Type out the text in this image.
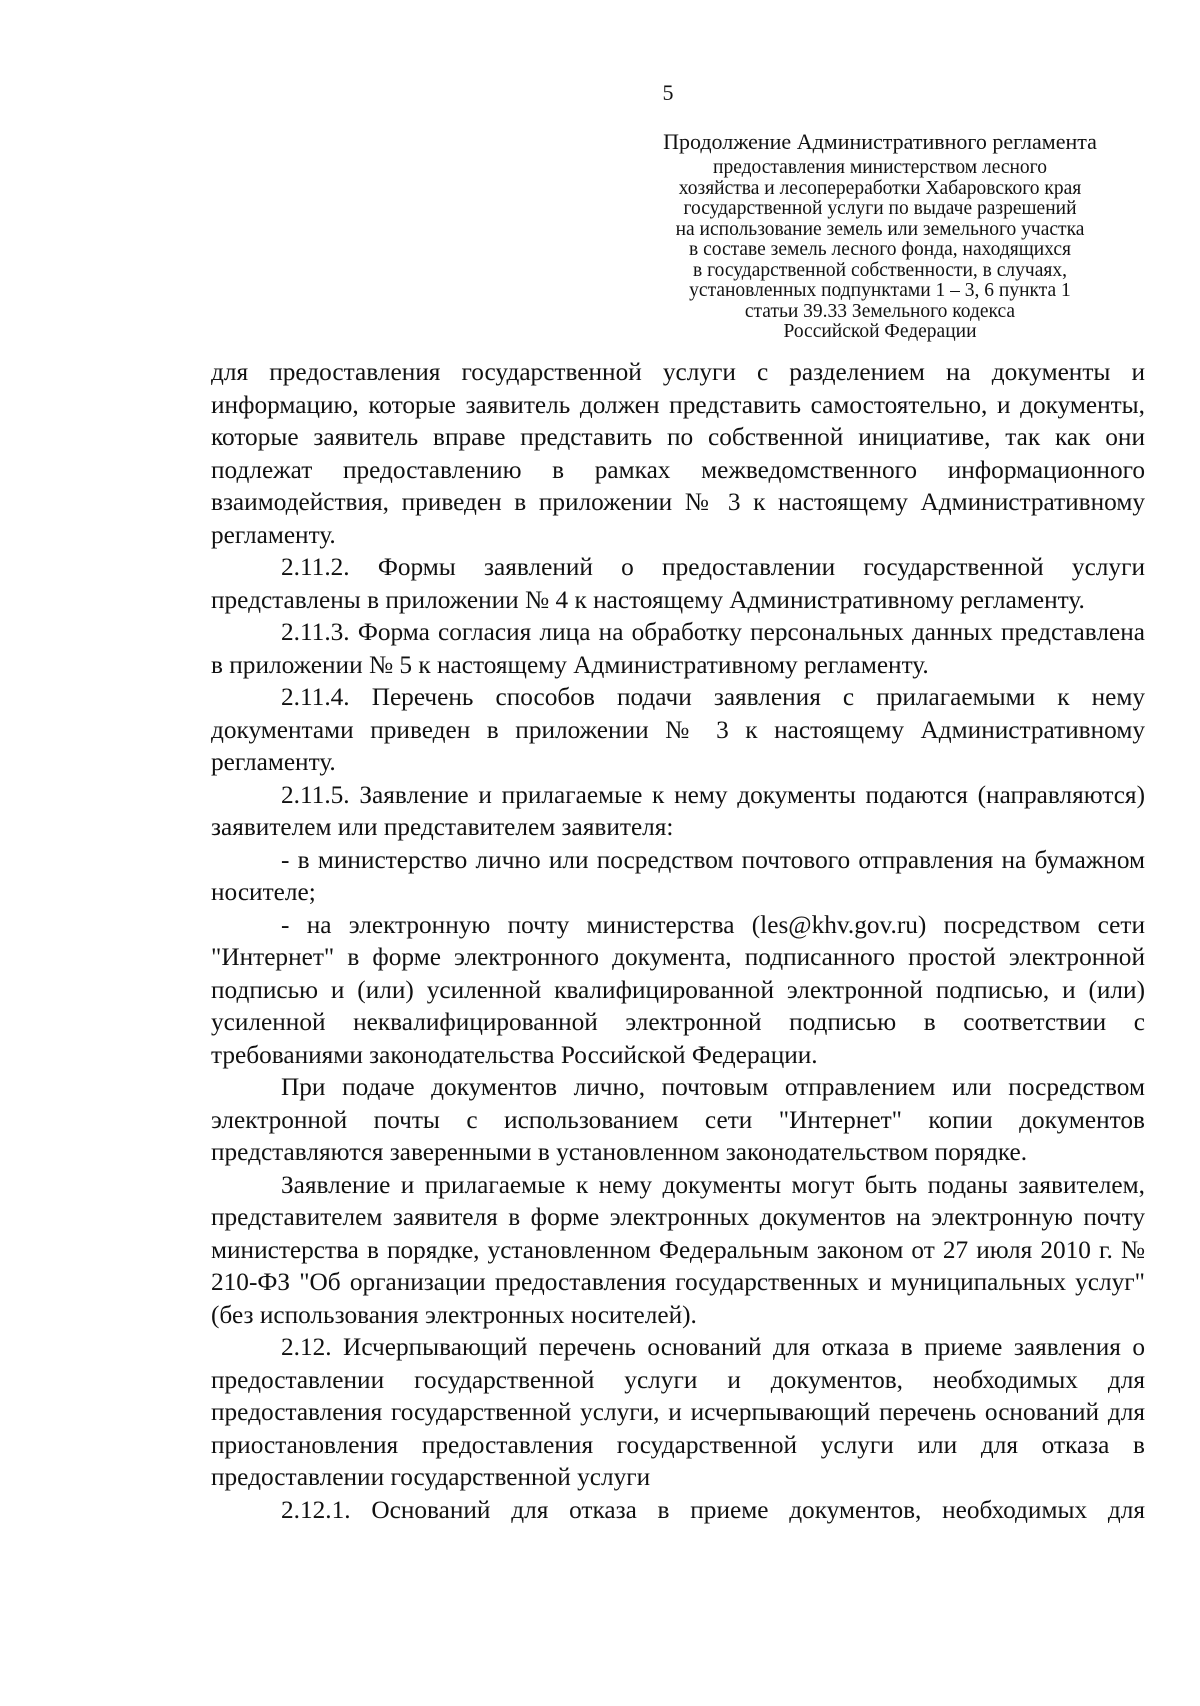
5
Продолжение Административного регламента
предоставления министерством лесного
хозяйства и лесопереработки Хабаровского края
государственной услуги по выдаче разрешений
на использование земель или земельного участка
в составе земель лесного фонда, находящихся
в государственной собственности, в случаях,
установленных подпунктами 1 – 3, 6 пункта 1
статьи 39.33 Земельного кодекса
Российской Федерации

для предоставления государственной услуги с разделением на документы и информацию, которые заявитель должен представить самостоятельно, и документы, которые заявитель вправе представить по собственной инициативе, так как они подлежат предоставлению в рамках межведомственного информационного взаимодействия, приведен в приложении № 3 к настоящему Административному регламенту.

2.11.2. Формы заявлений о предоставлении государственной услуги представлены в приложении № 4 к настоящему Административному регламенту.

2.11.3. Форма согласия лица на обработку персональных данных представлена в приложении № 5 к настоящему Административному регламенту.

2.11.4. Перечень способов подачи заявления с прилагаемыми к нему документами приведен в приложении № 3 к настоящему Административному регламенту.

2.11.5. Заявление и прилагаемые к нему документы подаются (направляются) заявителем или представителем заявителя:

- в министерство лично или посредством почтового отправления на бумажном носителе;

- на электронную почту министерства (les@khv.gov.ru) посредством сети "Интернет" в форме электронного документа, подписанного простой электронной подписью и (или) усиленной квалифицированной электронной подписью, и (или) усиленной неквалифицированной электронной подписью в соответствии с требованиями законодательства Российской Федерации.

При подаче документов лично, почтовым отправлением или посредством электронной почты с использованием сети "Интернет" копии документов представляются заверенными в установленном законодательством порядке.

Заявление и прилагаемые к нему документы могут быть поданы заявителем, представителем заявителя в форме электронных документов на электронную почту министерства в порядке, установленном Федеральным законом от 27 июля 2010 г. № 210-ФЗ "Об организации предоставления государственных и муниципальных услуг" (без использования электронных носителей).

2.12. Исчерпывающий перечень оснований для отказа в приеме заявления о предоставлении государственной услуги и документов, необходимых для предоставления государственной услуги, и исчерпывающий перечень оснований для приостановления предоставления государственной услуги или для отказа в предоставлении государственной услуги

2.12.1. Оснований для отказа в приеме документов, необходимых для
